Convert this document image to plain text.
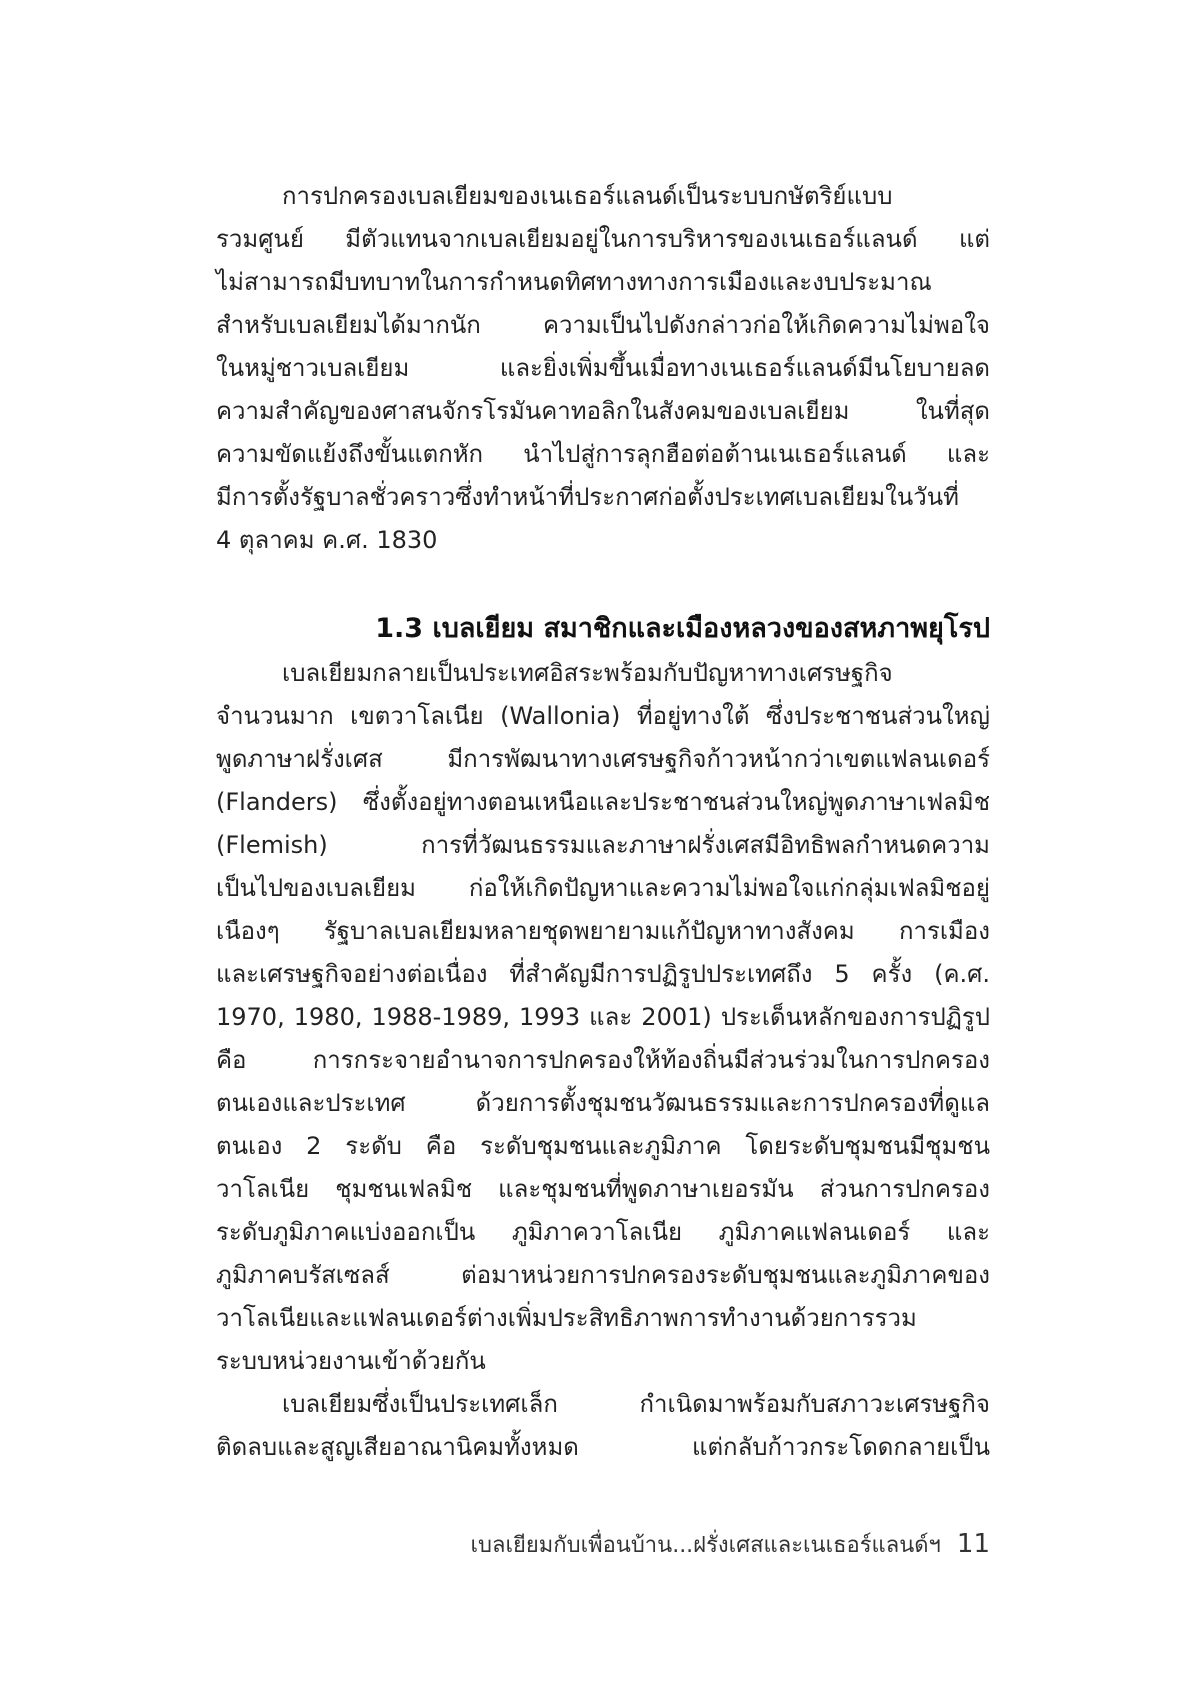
การปกครองเบลเยียมของเนเธอร์แลนด์เป็นระบบกษัตริย์แบบ
รวมศูนย์ มีตัวแทนจากเบลเยียมอยู่ในการบริหารของเนเธอร์แลนด์ แต่
ไม่สามารถมีบทบาทในการกำหนดทิศทางทางการเมืองและงบประมาณ
สำหรับเบลเยียมได้มากนัก ความเป็นไปดังกล่าวก่อให้เกิดความไม่พอใจ
ในหมู่ชาวเบลเยียม และยิ่งเพิ่มขึ้นเมื่อทางเนเธอร์แลนด์มีนโยบายลด
ความสำคัญของศาสนจักรโรมันคาทอลิกในสังคมของเบลเยียม ในที่สุด
ความขัดแย้งถึงขั้นแตกหัก นำไปสู่การลุกฮือต่อต้านเนเธอร์แลนด์ และ
มีการตั้งรัฐบาลชั่วคราวซึ่งทำหน้าที่ประกาศก่อตั้งประเทศเบลเยียมในวันที่
4 ตุลาคม ค.ศ. 1830
1.3 เบลเยียม สมาชิกและเมืองหลวงของสหภาพยุโรป
เบลเยียมกลายเป็นประเทศอิสระพร้อมกับปัญหาทางเศรษฐกิจ
จำนวนมาก เขตวาโลเนีย (Wallonia) ที่อยู่ทางใต้ ซึ่งประชาชนส่วนใหญ่
พูดภาษาฝรั่งเศส มีการพัฒนาทางเศรษฐกิจก้าวหน้ากว่าเขตแฟลนเดอร์
(Flanders) ซึ่งตั้งอยู่ทางตอนเหนือและประชาชนส่วนใหญ่พูดภาษาเฟลมิช
(Flemish) การที่วัฒนธรรมและภาษาฝรั่งเศสมีอิทธิพลกำหนดความ
เป็นไปของเบลเยียม ก่อให้เกิดปัญหาและความไม่พอใจแก่กลุ่มเฟลมิชอยู่
เนืองๆ รัฐบาลเบลเยียมหลายชุดพยายามแก้ปัญหาทางสังคม การเมือง
และเศรษฐกิจอย่างต่อเนื่อง ที่สำคัญมีการปฏิรูปประเทศถึง 5 ครั้ง (ค.ศ.
1970, 1980, 1988-1989, 1993 และ 2001) ประเด็นหลักของการปฏิรูป
คือ การกระจายอำนาจการปกครองให้ท้องถิ่นมีส่วนร่วมในการปกครอง
ตนเองและประเทศ ด้วยการตั้งชุมชนวัฒนธรรมและการปกครองที่ดูแล
ตนเอง 2 ระดับ คือ ระดับชุมชนและภูมิภาค โดยระดับชุมชนมีชุมชน
วาโลเนีย ชุมชนเฟลมิช และชุมชนที่พูดภาษาเยอรมัน ส่วนการปกครอง
ระดับภูมิภาคแบ่งออกเป็น ภูมิภาควาโลเนีย ภูมิภาคแฟลนเดอร์ และ
ภูมิภาคบรัสเซลส์ ต่อมาหน่วยการปกครองระดับชุมชนและภูมิภาคของ
วาโลเนียและแฟลนเดอร์ต่างเพิ่มประสิทธิภาพการทำงานด้วยการรวม
ระบบหน่วยงานเข้าด้วยกัน
เบลเยียมซึ่งเป็นประเทศเล็ก กำเนิดมาพร้อมกับสภาวะเศรษฐกิจ
ติดลบและสูญเสียอาณานิคมทั้งหมด แต่กลับก้าวกระโดดกลายเป็น
เบลเยียมกับเพื่อนบ้าน...ฝรั่งเศสและเนเธอร์แลนด์ฯ 11
